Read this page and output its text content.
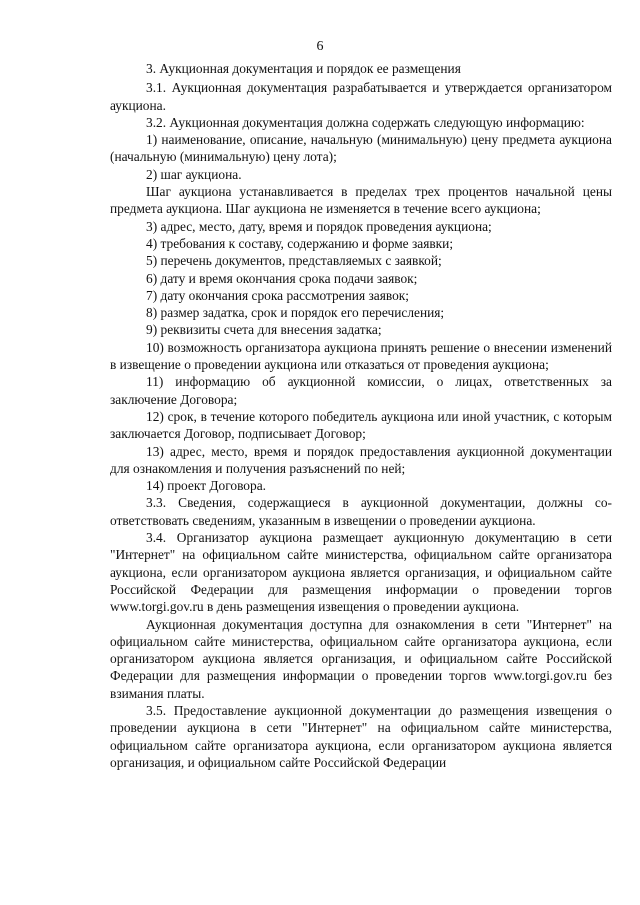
6

3. Аукционная документация и порядок ее размещения

3.1. Аукционная документация разрабатывается и утверждается организатором аукциона.

3.2. Аукционная документация должна содержать следующую информацию:

1) наименование, описание, начальную (минимальную) цену предмета аукциона (начальную (минимальную) цену лота);

2) шаг аукциона.

Шаг аукциона устанавливается в пределах трех процентов начальной цены предмета аукциона. Шаг аукциона не изменяется в течение всего аукциона;

3) адрес, место, дату, время и порядок проведения аукциона;

4) требования к составу, содержанию и форме заявки;

5) перечень документов, представляемых с заявкой;

6) дату и время окончания срока подачи заявок;

7) дату окончания срока рассмотрения заявок;

8) размер задатка, срок и порядок его перечисления;

9) реквизиты счета для внесения задатка;

10) возможность организатора аукциона принять решение о внесении изменений в извещение о проведении аукциона или отказаться от проведения аукциона;

11) информацию об аукционной комиссии, о лицах, ответственных за заключение Договора;

12) срок, в течение которого победитель аукциона или иной участник, с которым заключается Договор, подписывает Договор;

13) адрес, место, время и порядок предоставления аукционной документации для ознакомления и получения разъяснений по ней;

14) проект Договора.

3.3. Сведения, содержащиеся в аукционной документации, должны соответствовать сведениям, указанным в извещении о проведении аукциона.

3.4. Организатор аукциона размещает аукционную документацию в сети "Интернет" на официальном сайте министерства, официальном сайте организатора аукциона, если организатором аукциона является организация, и официальном сайте Российской Федерации для размещения информации о проведении торгов www.torgi.gov.ru в день размещения извещения о проведении аукциона.

Аукционная документация доступна для ознакомления в сети "Интернет" на официальном сайте министерства, официальном сайте организатора аукциона, если организатором аукциона является организация, и официальном сайте Российской Федерации для размещения информации о проведении торгов www.torgi.gov.ru без взимания платы.

3.5. Предоставление аукционной документации до размещения извещения о проведении аукциона в сети "Интернет" на официальном сайте министерства, официальном сайте организатора аукциона, если организатором аукциона является организация, и официальном сайте Российской Федерации
